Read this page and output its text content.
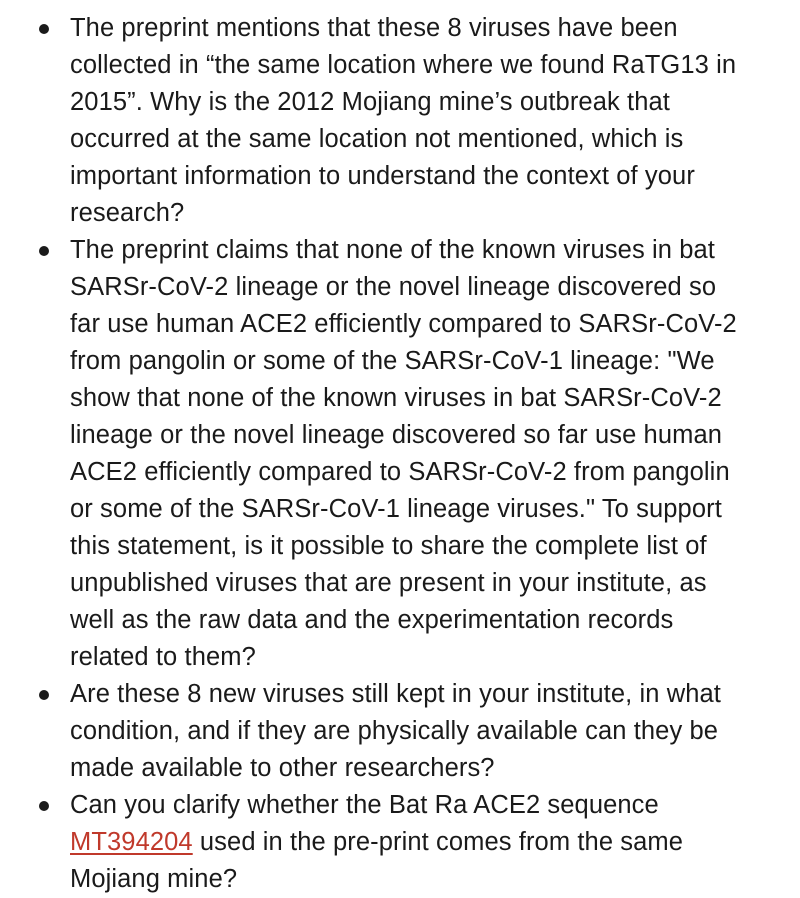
The preprint mentions that these 8 viruses have been collected in “the same location where we found RaTG13 in 2015”. Why is the 2012 Mojiang mine’s outbreak that occurred at the same location not mentioned, which is important information to understand the context of your research?
The preprint claims that none of the known viruses in bat SARSr-CoV-2 lineage or the novel lineage discovered so far use human ACE2 efficiently compared to SARSr-CoV-2 from pangolin or some of the SARSr-CoV-1 lineage: "We show that none of the known viruses in bat SARSr-CoV-2 lineage or the novel lineage discovered so far use human ACE2 efficiently compared to SARSr-CoV-2 from pangolin or some of the SARSr-CoV-1 lineage viruses." To support this statement, is it possible to share the complete list of unpublished viruses that are present in your institute, as well as the raw data and the experimentation records related to them?
Are these 8 new viruses still kept in your institute, in what condition, and if they are physically available can they be made available to other researchers?
Can you clarify whether the Bat Ra ACE2 sequence MT394204 used in the pre-print comes from the same Mojiang mine?
